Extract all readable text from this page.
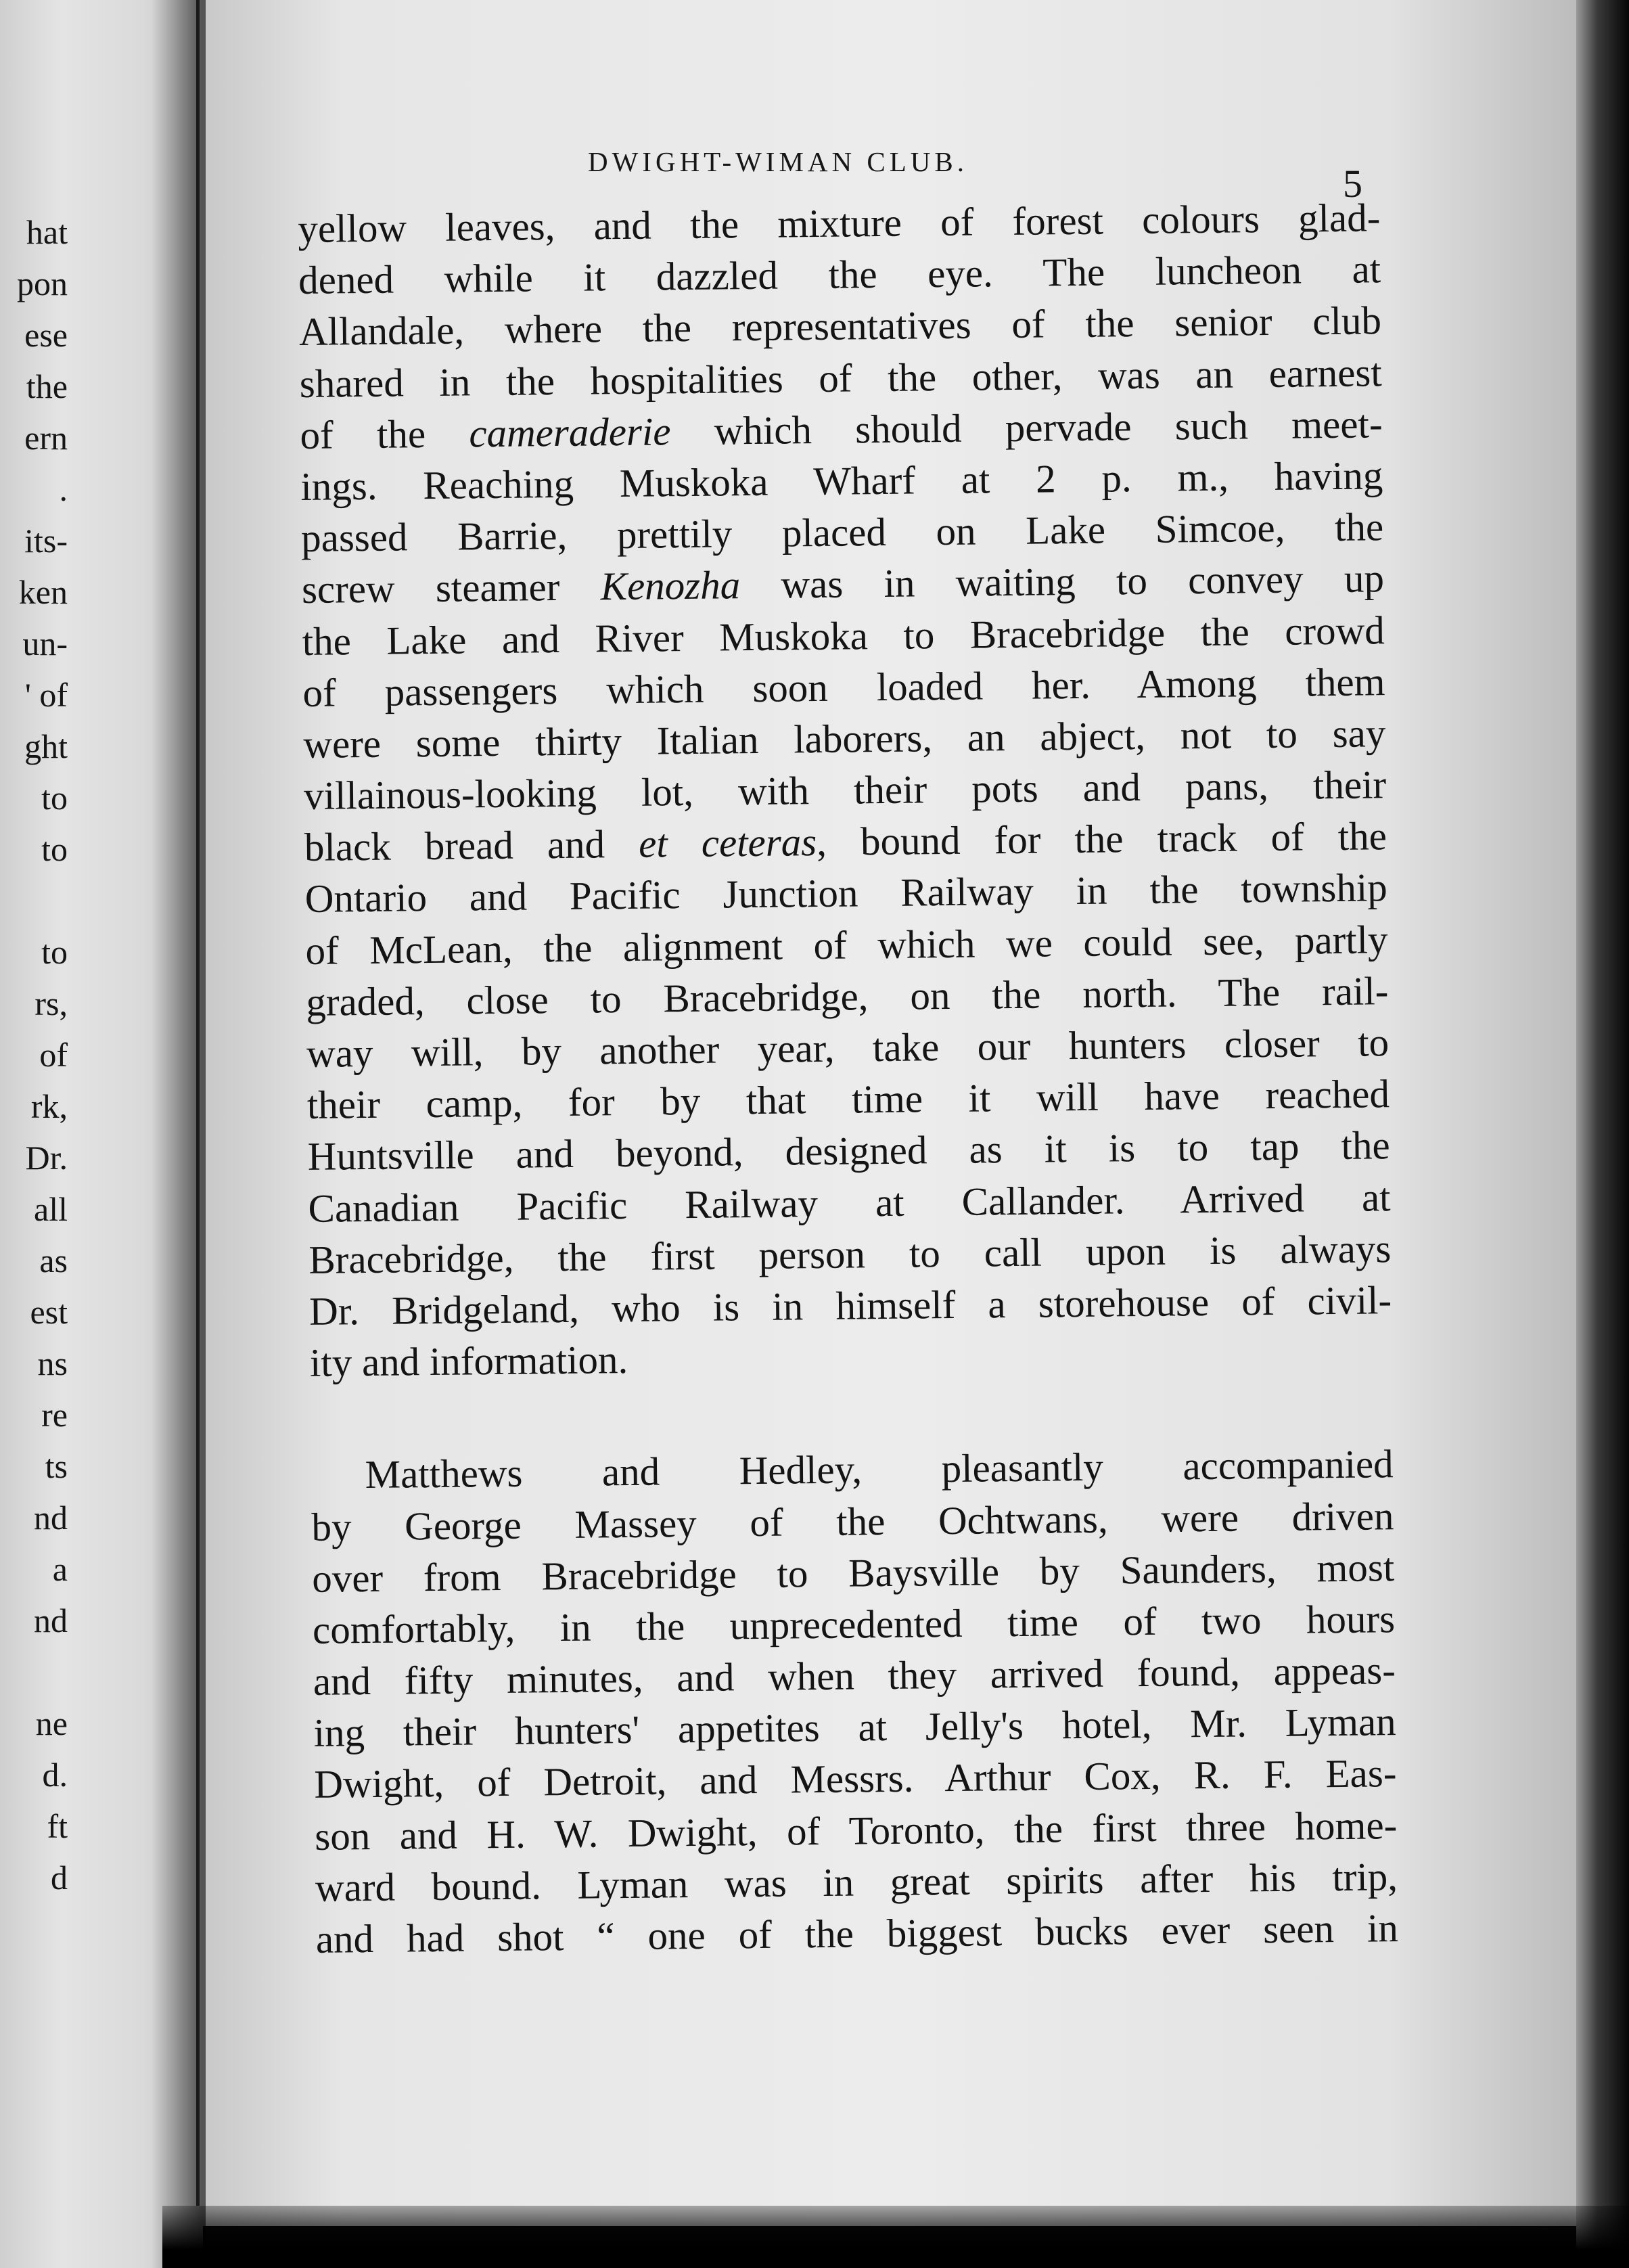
hat
pon
ese
the
ern
.
its-
ken
un-
' of
ght
to
to
to
rs,
of
rk,
Dr.
all
as
est
ns
re
ts
nd
a
nd
ne
d.
ft
d
DWIGHT-WIMAN CLUB.	5
yellow leaves, and the mixture of forest colours glad-
dened while it dazzled the eye. The luncheon at
Allandale, where the representatives of the senior club
shared in the hospitalities of the other, was an earnest
of the cameraderie which should pervade such meet-
ings. Reaching Muskoka Wharf at 2 p. m., having
passed Barrie, prettily placed on Lake Simcoe, the
screw steamer Kenozha was in waiting to convey up
the Lake and River Muskoka to Bracebridge the crowd
of passengers which soon loaded her. Among them
were some thirty Italian laborers, an abject, not to say
villainous-looking lot, with their pots and pans, their
black bread and et ceteras, bound for the track of the
Ontario and Pacific Junction Railway in the township
of McLean, the alignment of which we could see, partly
graded, close to Bracebridge, on the north. The rail-
way will, by another year, take our hunters closer to
their camp, for by that time it will have reached
Huntsville and beyond, designed as it is to tap the
Canadian Pacific Railway at Callander. Arrived at
Bracebridge, the first person to call upon is always
Dr. Bridgeland, who is in himself a storehouse of civil-
ity and information.
Matthews and Hedley, pleasantly accompanied
by George Massey of the Ochtwans, were driven
over from Bracebridge to Baysville by Saunders, most
comfortably, in the unprecedented time of two hours
and fifty minutes, and when they arrived found, appeas-
ing their hunters' appetites at Jelly's hotel, Mr. Lyman
Dwight, of Detroit, and Messrs. Arthur Cox, R. F. Eas-
son and H. W. Dwight, of Toronto, the first three home-
ward bound. Lyman was in great spirits after his trip,
and had shot “ one of the biggest bucks ever seen in
